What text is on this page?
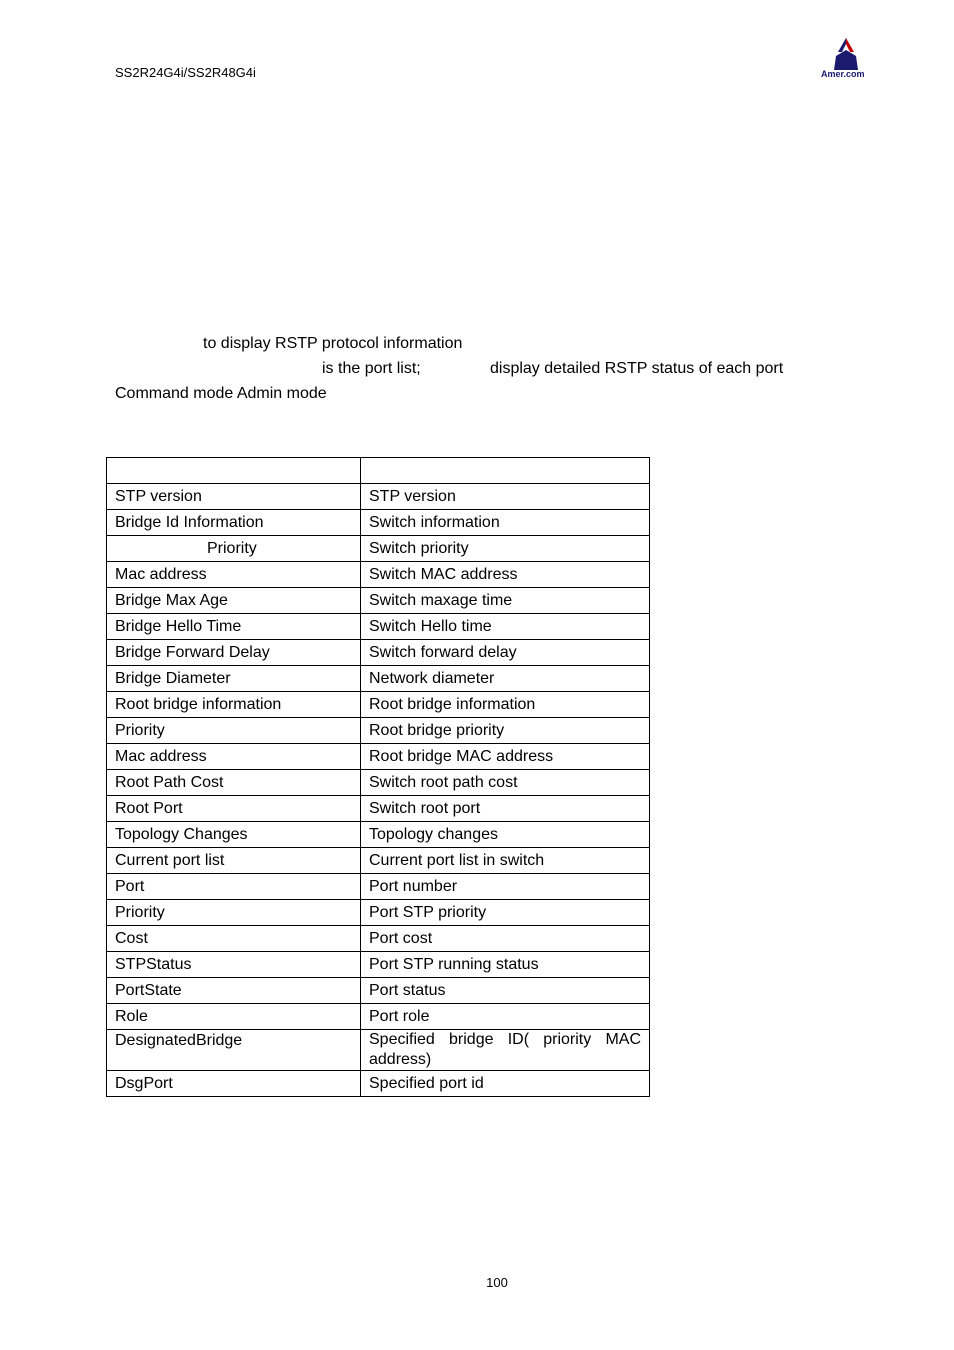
SS2R24G4i/SS2R48G4i	Amer.com
to display RSTP protocol information
is the port list;	display detailed RSTP status of each port
Command mode Admin mode

STP version	STP version
Bridge Id Information	Switch information
Priority	Switch priority
Mac address	Switch MAC address
Bridge Max Age	Switch maxage time
Bridge Hello Time	Switch Hello time
Bridge Forward Delay	Switch forward delay
Bridge Diameter	Network diameter
Root bridge information	Root bridge information
Priority	Root bridge priority
Mac address	Root bridge MAC address
Root Path Cost	Switch root path cost
Root Port	Switch root port
Topology Changes	Topology changes
Current port list	Current port list in switch
Port	Port number
Priority	Port STP priority
Cost	Port cost
STPStatus	Port STP running status
PortState	Port status
Role	Port role
DesignatedBridge	Specified bridge ID( priority MAC address)
DsgPort	Specified port id
100
